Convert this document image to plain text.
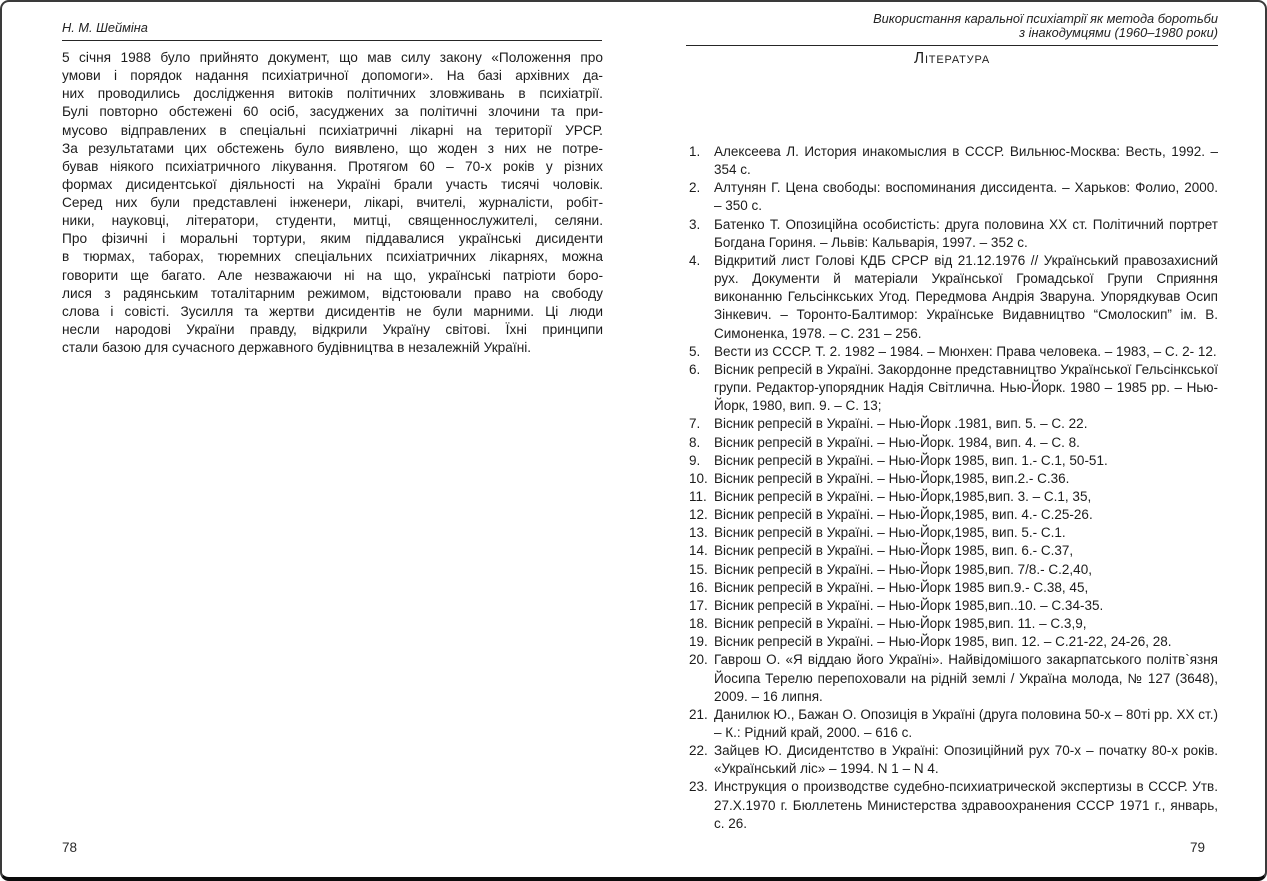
Н. М. Шейміна
5 січня 1988 було прийнято документ, що мав силу закону «Положення про
умови і порядок надання психіатричної допомоги». На базі архівних да-
них проводились дослідження витоків політичних зловживань в психіатрії.
Булі повторно обстежені 60 осіб, засуджених за політичні злочини та при-
мусово відправлених в спеціальні психіатричні лікарні на території УРСР.
За результатами цих обстежень було виявлено, що жоден з них не потре-
бував ніякого психіатричного лікування. Протягом 60 – 70-х років у різних
формах дисидентської діяльності на Україні брали участь тисячі чоловік.
Серед них були представлені інженери, лікарі, вчителі, журналісти, робіт-
ники, науковці, літератори, студенти, митці, священнослужителі, селяни.
Про фізичні і моральні тортури, яким піддавалися українські дисиденти
в тюрмах, таборах, тюремних спеціальних психіатричних лікарнях, можна
говорити ще багато. Але незважаючи ні на що, українські патріоти боро-
лися з радянським тоталітарним режимом, відстоювали право на свободу
слова і совісті. Зусилля та жертви дисидентів не були марними. Ці люди
несли народові України правду, відкрили Україну світові. Їхні принципи
стали базою для сучасного державного будівництва в незалежній Україні.
78
Використання каральної психіатрії як метода боротьби
з інакодумцями (1960–1980 роки)
Література
1.	Алексеева Л. История инакомыслия в СССР. Вильнюс-Москва: Весть, 1992. – 354 с.
2.	Алтунян Г. Цена свободы: воспоминания диссидента. – Харьков: Фолио, 2000. – 350 с.
3.	Батенко Т. Опозиційна особистість: друга половина ХХ ст. Політичний портрет Богдана Гориня. – Львів: Кальварія, 1997. – 352 с.
4.	Відкритий лист Голові КДБ СРСР від 21.12.1976 // Український правозахисний рух. Документи й матеріали Української Громадської Групи Сприяння виконанню Гельсінкських Угод. Передмова Андрія Зваруна. Упорядкував Осип Зінкевич. – Торонто-Балтимор: Українське Видавництво “Смолоскип” ім. В. Симоненка, 1978. – С. 231 – 256.
5.	Вести из СССР. Т. 2. 1982 – 1984. – Мюнхен: Права человека. – 1983, – С. 2- 12.
6.	Вісник репресій в Україні. Закордонне представництво Української Гельсінкської групи. Редактор-упорядник Надія Світлична. Нью-Йорк. 1980 – 1985 рр. – Нью-Йорк, 1980, вип. 9. – С. 13;
7.	Вісник репресій в Україні. – Нью-Йорк .1981, вип. 5. – С. 22.
8.	Вісник репресій в Україні. – Нью-Йорк. 1984, вип. 4. – С. 8.
9.	Вісник репресій в Україні. – Нью-Йорк 1985, вип. 1.- С.1, 50-51.
10. Вісник репресій в Україні. – Нью-Йорк,1985, вип.2.- С.36.
11. Вісник репресій в Україні. – Нью-Йорк,1985,вип. 3. – С.1, 35,
12. Вісник репресій в Україні. – Нью-Йорк,1985, вип. 4.- С.25-26.
13. Вісник репресій в Україні. – Нью-Йорк,1985, вип. 5.- С.1.
14. Вісник репресій в Україні. – Нью-Йорк 1985, вип. 6.- С.37,
15. Вісник репресій в Україні. – Нью-Йорк 1985,вип. 7/8.- С.2,40,
16. Вісник репресій в Україні. – Нью-Йорк 1985 вип.9.- С.38, 45,
17. Вісник репресій в Україні. – Нью-Йорк 1985,вип..10. – С.34-35.
18. Вісник репресій в Україні. – Нью-Йорк 1985,вип. 11. – С.3,9,
19. Вісник репресій в Україні. – Нью-Йорк 1985, вип. 12. – С.21-22, 24-26, 28.
20. Гаврош О. «Я віддаю його Україні». Найвідомішого закарпатського політв`язня Йосипа Терелю перепоховали на рідній землі / Україна молода, № 127 (3648), 2009. – 16 липня.
21. Данилюк Ю., Бажан О. Опозиція в Україні (друга половина 50-х – 80ті рр. ХХ ст.) – К.: Рідний край, 2000. – 616 с.
22. Зайцев Ю. Дисидентство в Україні: Опозиційний рух 70-х – початку 80-х років. «Український ліс» – 1994. N 1 – N 4.
23. Инструкция о производстве судебно-психиатрической экспертизы в СССР. Утв. 27.X.1970 г. Бюллетень Министерства здравоохранения СССР 1971 г., январь, с. 26.
79
